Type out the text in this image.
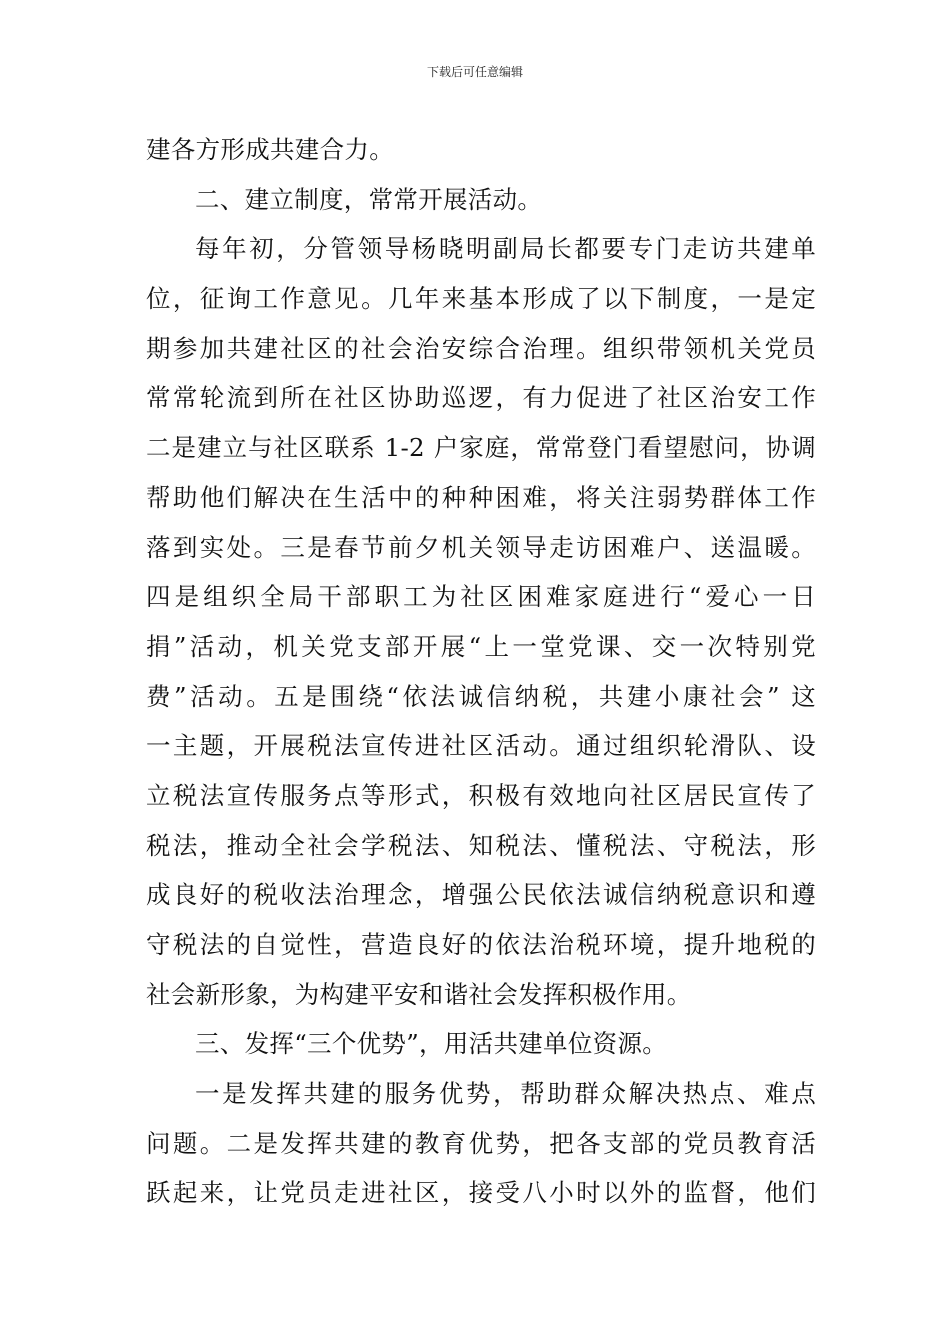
下载后可任意编辑
建各方形成共建合力。
二、建立制度，常常开展活动。
每年初，分管领导杨晓明副局长都要专门走访共建单
位，征询工作意见。几年来基本形成了以下制度，一是定
期参加共建社区的社会治安综合治理。组织带领机关党员
常常轮流到所在社区协助巡逻，有力促进了社区治安工作
二是建立与社区联系 1-2 户家庭，常常登门看望慰问，协调
帮助他们解决在生活中的种种困难，将关注弱势群体工作
落到实处。三是春节前夕机关领导走访困难户、送温暖。
四是组织全局干部职工为社区困难家庭进行“爱心一日
捐”活动，机关党支部开展“上一堂党课、交一次特别党
费”活动。五是围绕“依法诚信纳税，共建小康社会” 这
一主题，开展税法宣传进社区活动。通过组织轮滑队、设
立税法宣传服务点等形式，积极有效地向社区居民宣传了
税法，推动全社会学税法、知税法、懂税法、守税法，形
成良好的税收法治理念，增强公民依法诚信纳税意识和遵
守税法的自觉性，营造良好的依法治税环境，提升地税的
社会新形象，为构建平安和谐社会发挥积极作用。
三、发挥“三个优势”，用活共建单位资源。
一是发挥共建的服务优势，帮助群众解决热点、难点
问题。二是发挥共建的教育优势，把各支部的党员教育活
跃起来，让党员走进社区，接受八小时以外的监督，他们
